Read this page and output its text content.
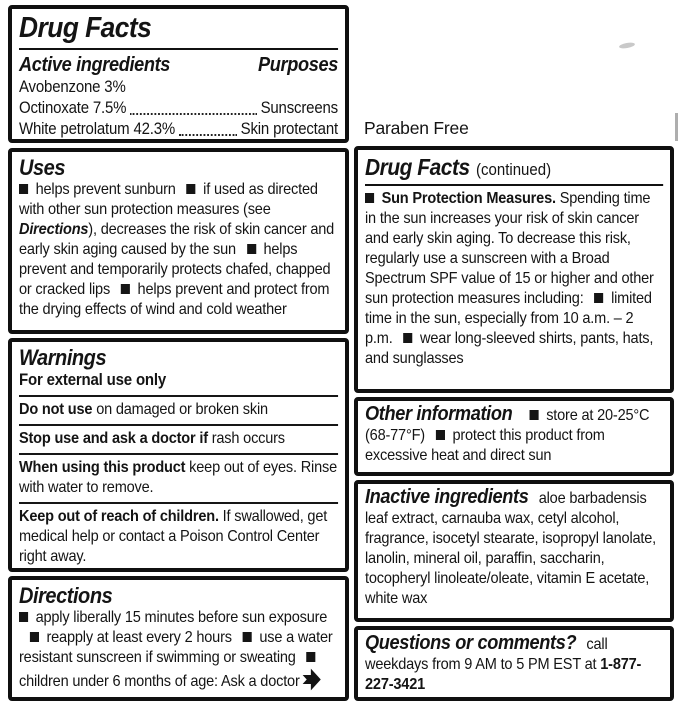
Drug Facts
Active ingredients	Purposes
Avobenzone 3%
Octinoxate 7.5%	Sunscreens
White petrolatum 42.3%	Skin protectant
Uses
helps prevent sunburn if used as directed with other sun protection measures (see Directions), decreases the risk of skin cancer and early skin aging caused by the sun helps prevent and temporarily protects chafed, chapped or cracked lips helps prevent and protect from the drying effects of wind and cold weather
Warnings
For external use only
Do not use on damaged or broken skin
Stop use and ask a doctor if rash occurs
When using this product keep out of eyes. Rinse with water to remove.
Keep out of reach of children. If swallowed, get medical help or contact a Poison Control Center right away.
Directions
apply liberally 15 minutes before sun exposure reapply at least every 2 hours use a water resistant sunscreen if swimming or sweating children under 6 months of age: Ask a doctor
Paraben Free
Drug Facts (continued)
Sun Protection Measures. Spending time in the sun increases your risk of skin cancer and early skin aging. To decrease this risk, regularly use a sunscreen with a Broad Spectrum SPF value of 15 or higher and other sun protection measures including: limited time in the sun, especially from 10 a.m. – 2 p.m. wear long-sleeved shirts, pants, hats, and sunglasses
Other information store at 20-25°C (68-77°F) protect this product from excessive heat and direct sun
Inactive ingredients aloe barbadensis leaf extract, carnauba wax, cetyl alcohol, fragrance, isocetyl stearate, isopropyl lanolate, lanolin, mineral oil, paraffin, saccharin, tocopheryl linoleate/oleate, vitamin E acetate, white wax
Questions or comments? call weekdays from 9 AM to 5 PM EST at 1-877-227-3421
